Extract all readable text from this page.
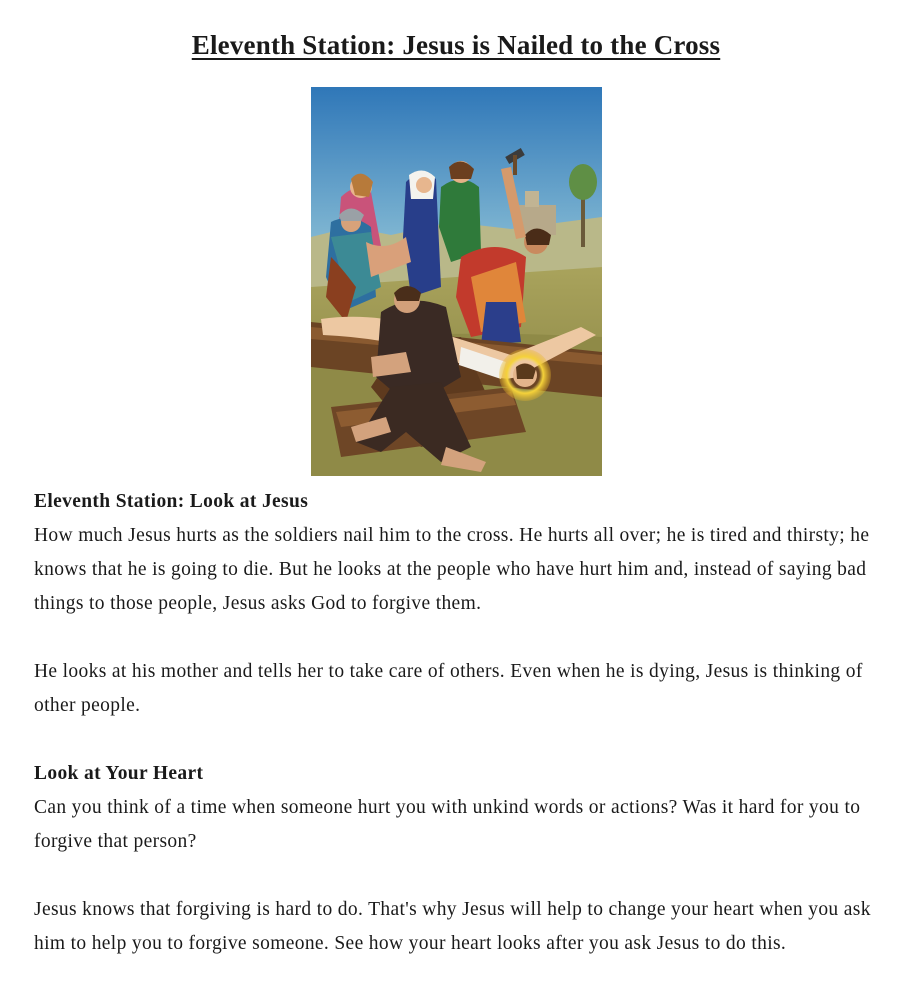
Eleventh Station: Jesus is Nailed to the Cross
Eleventh Station: Look at Jesus

How much Jesus hurts as the soldiers nail him to the cross. He hurts all over; he is tired and thirsty; he knows that he is going to die. But he looks at the people who have hurt him and, instead of saying bad things to those people, Jesus asks God to forgive them.

He looks at his mother and tells her to take care of others. Even when he is dying, Jesus is thinking of other people.

Look at Your Heart

Can you think of a time when someone hurt you with unkind words or actions? Was it hard for you to forgive that person?

Jesus knows that forgiving is hard to do. That's why Jesus will help to change your heart when you ask him to help you to forgive someone. See how your heart looks after you ask Jesus to do this.
